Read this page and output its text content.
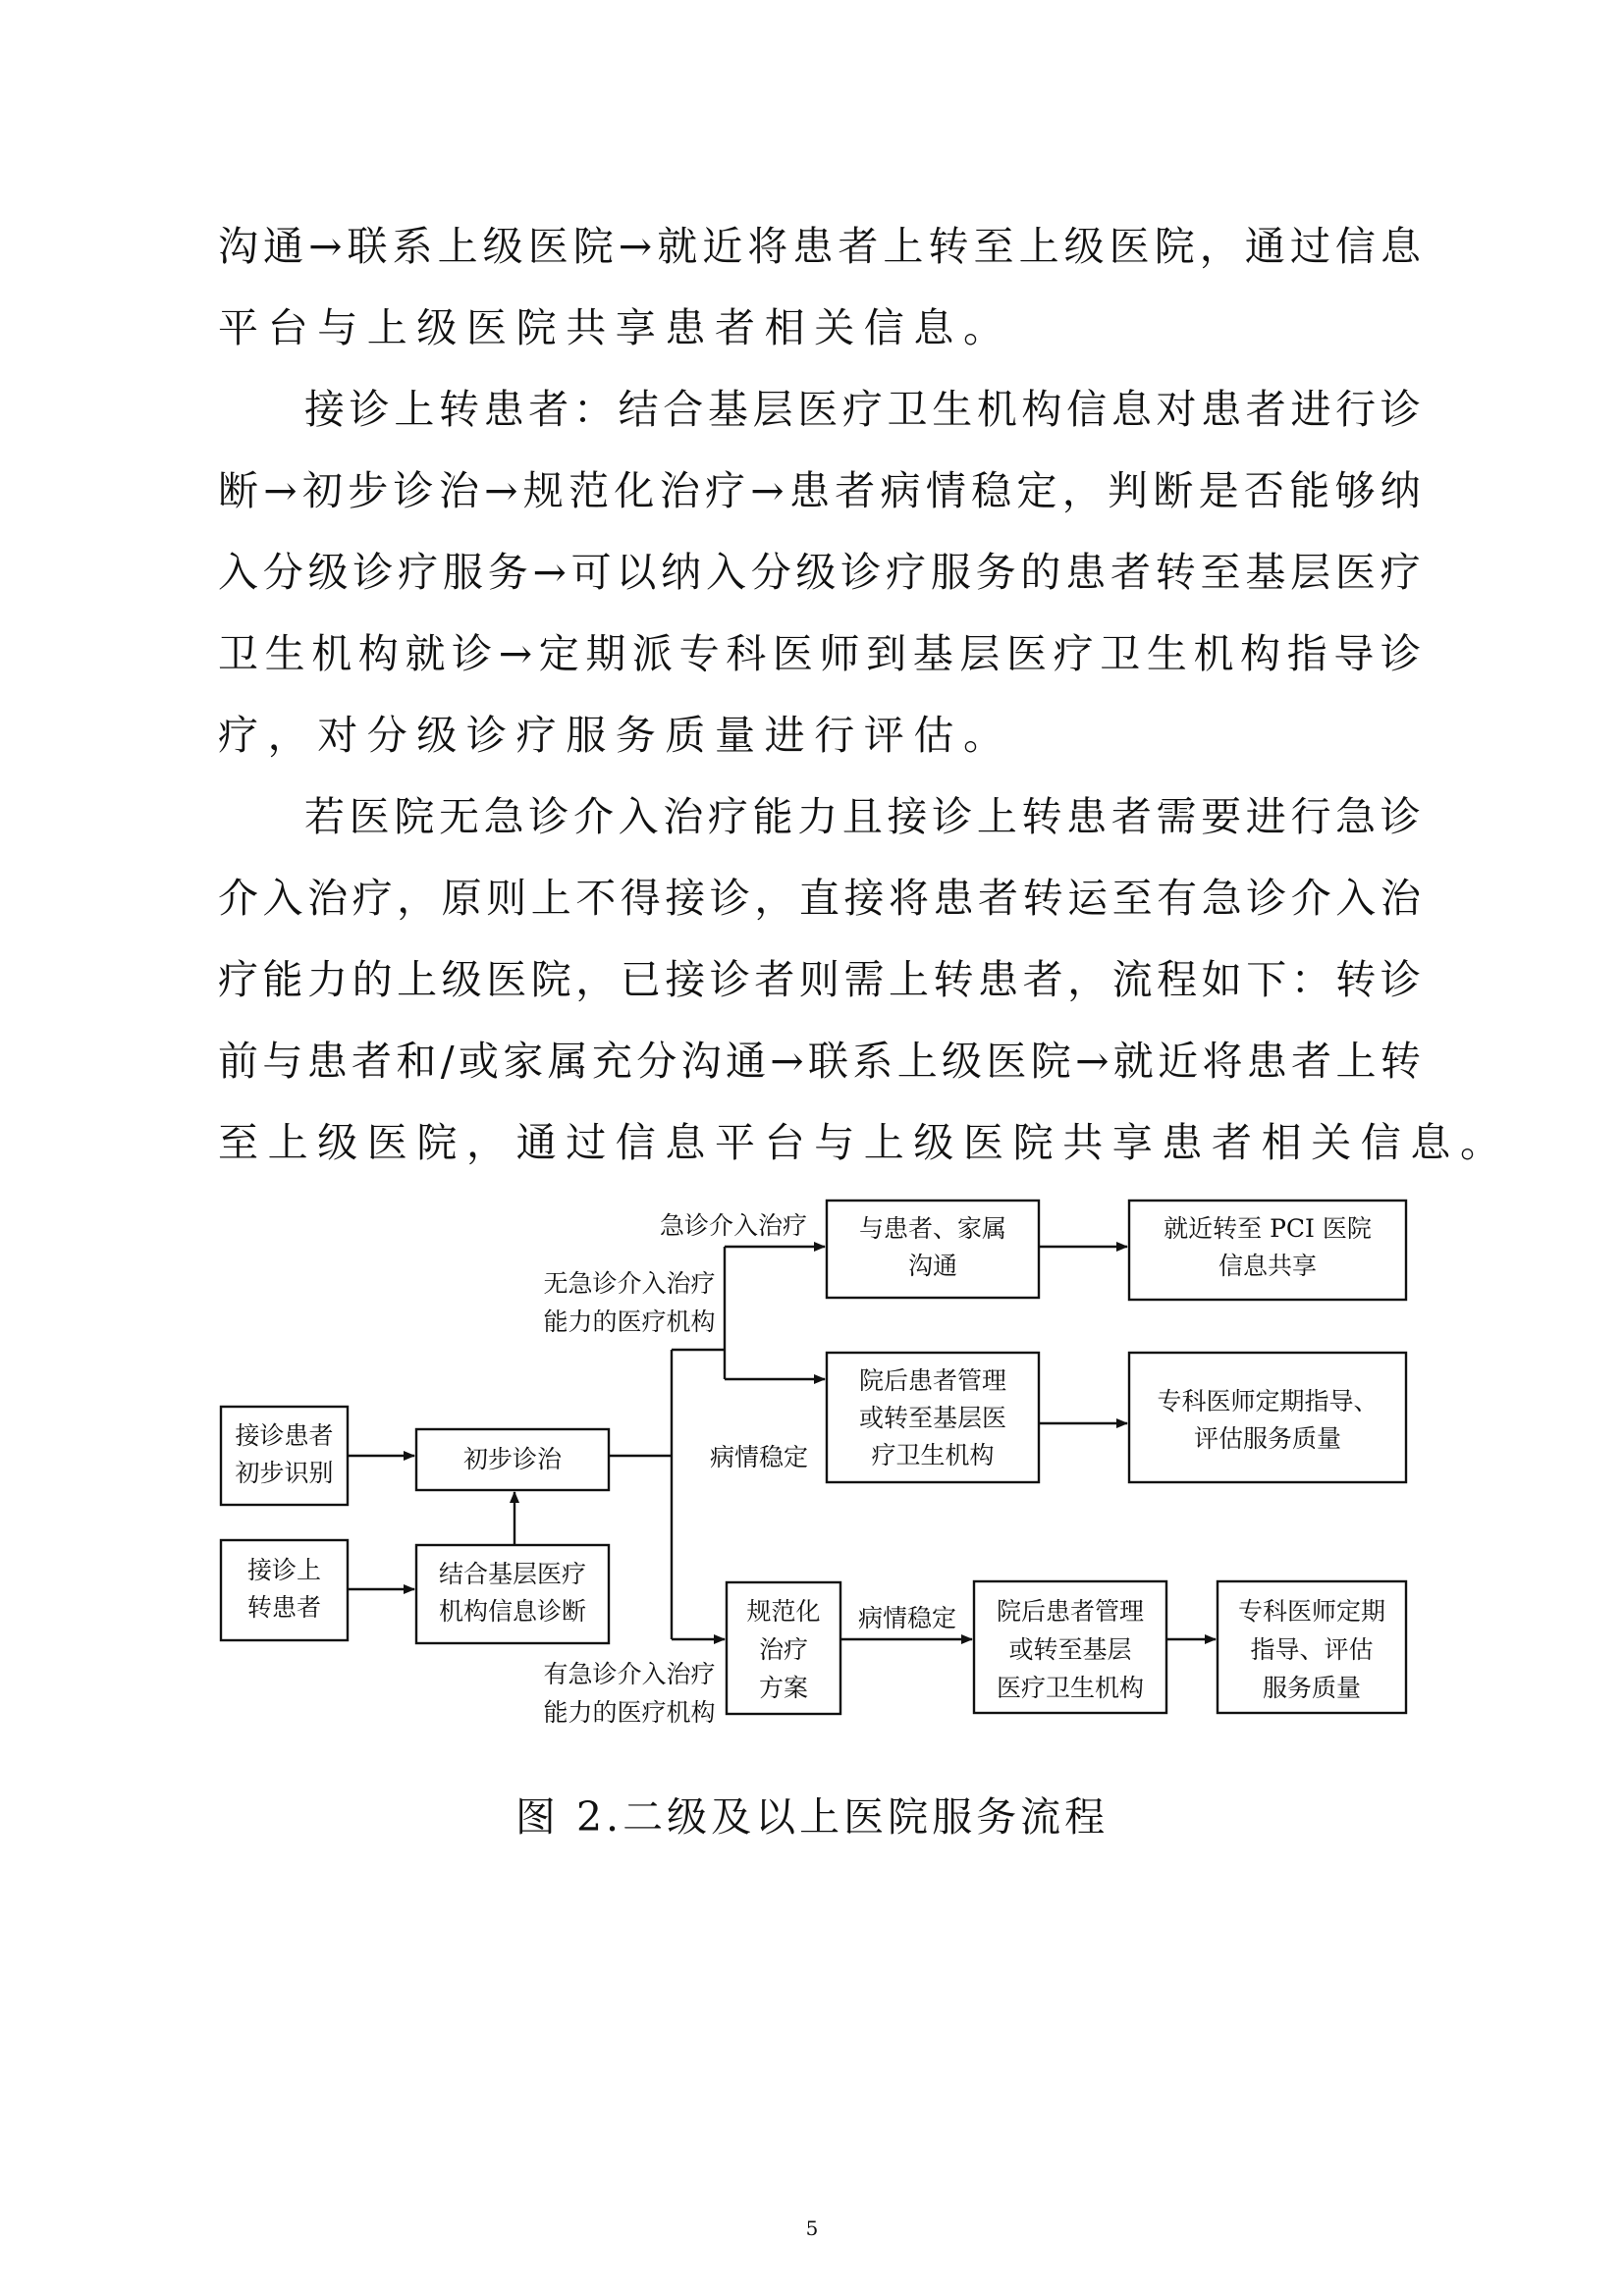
沟 通 → 联 系 上 级 医 院 → 就 近 将 患 者 上 转 至 上 级 医 院 ， 通 过 信 息
平台与上级医院共享患者相关信息。
接 诊 上 转 患 者 ： 结 合 基 层 医 疗 卫 生 机 构 信 息 对 患 者 进 行 诊
断 → 初 步 诊 治 → 规 范 化 治 疗 → 患 者 病 情 稳 定 ， 判 断 是 否 能 够 纳
入 分 级 诊 疗 服 务 → 可 以 纳 入 分 级 诊 疗 服 务 的 患 者 转 至 基 层 医 疗
卫 生 机 构 就 诊 → 定 期 派 专 科 医 师 到 基 层 医 疗 卫 生 机 构 指 导 诊
疗，对分级诊疗服务质量进行评估。
若 医 院 无 急 诊 介 入 治 疗 能 力 且 接 诊 上 转 患 者 需 要 进 行 急 诊
介 入 治 疗 ， 原 则 上 不 得 接 诊 ， 直 接 将 患 者 转 运 至 有 急 诊 介 入 治
疗 能 力 的 上 级 医 院 ， 已 接 诊 者 则 需 上 转 患 者 ， 流 程 如 下 ： 转 诊
前 与 患 者 和 / 或 家 属 充 分 沟 通 → 联 系 上 级 医 院 → 就 近 将 患 者 上 转
至上级医院，通过信息平台与上级医院共享患者相关信息。
接诊患者
初步识别
接诊上
转患者
初步诊治
结合基层医疗
机构信息诊断
与患者、家属
沟通
就近转至 PCI 医院
信息共享
院后患者管理
或转至基层医
疗卫生机构
专科医师定期指导、
评估服务质量
规范化
治疗
方案
院后患者管理
或转至基层
医疗卫生机构
专科医师定期
指导、评估
服务质量
急诊介入治疗
无急诊介入治疗
能力的医疗机构
病情稳定
病情稳定
有急诊介入治疗
能力的医疗机构
图 2.二级及以上医院服务流程
5
